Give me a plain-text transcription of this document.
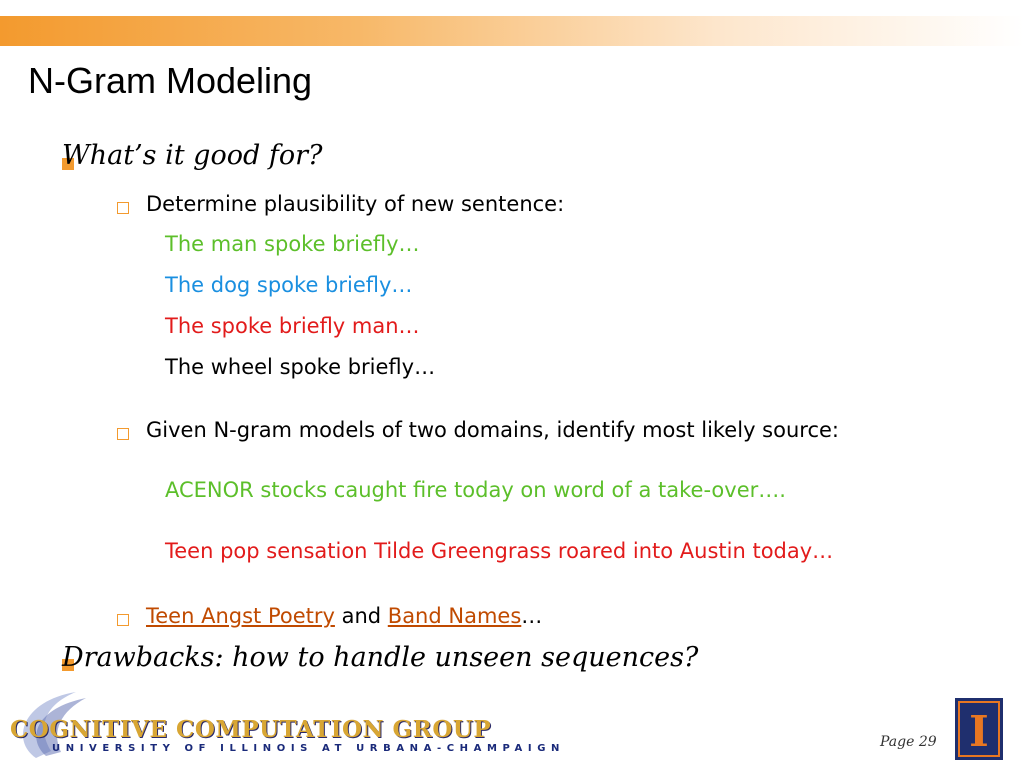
N-Gram Modeling
What’s it good for?
Determine plausibility of new sentence:
The man spoke briefly…
The dog spoke briefly…
The spoke briefly man…
The wheel spoke briefly…
Given N-gram models of two domains, identify most likely source:
ACENOR stocks caught fire today on word of a take-over….
Teen pop sensation Tilde Greengrass roared into Austin today…
Teen Angst Poetry and Band Names…
Drawbacks: how to handle unseen sequences?
COGNITIVE COMPUTATION GROUP
UNIVERSITY OF ILLINOIS AT URBANA-CHAMPAIGN	Page 29 I
